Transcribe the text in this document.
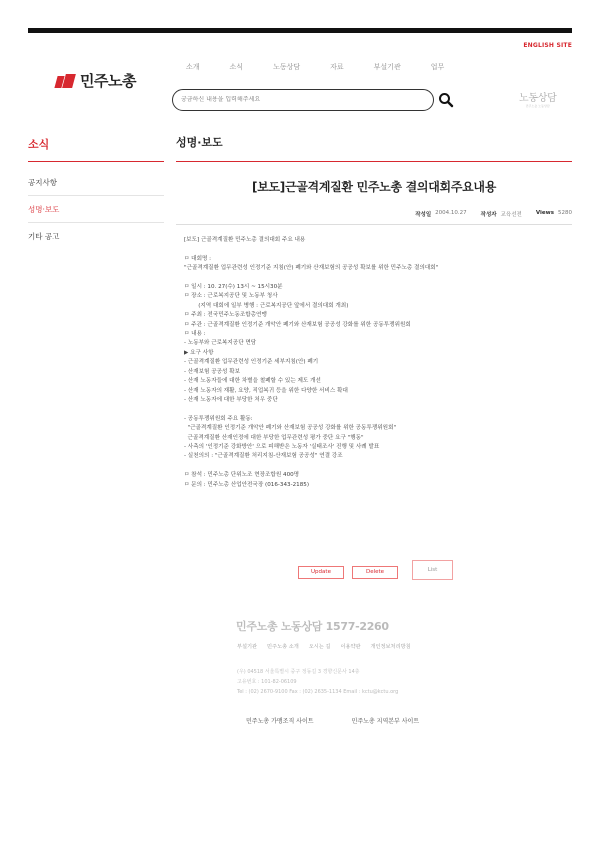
ENGLISH SITE
민주노총
소개	소식	노동상담	자료	부설기관	업무
궁금하신 내용을 입력해주세요
노동상담
민주노총 노동상담
소식
공지사항
성명·보도
기타 공고
성명·보도
[보도]근골격계질환 민주노총 결의대회주요내용
작성일 2004.10.27	작성자 교육선전	Views 5280

[보도] 근골격계질환 민주노총 결의대회 주요 내용

ㅁ 대회명 :

"근골격계질환 업무관련성 인정기준 지침(안) 폐기와 산재보험의 공공성 확보를 위한 민주노총 결의대회"

ㅁ 일시 : 10. 27(수) 13시 ~ 15시30분

ㅁ 장소 : 근로복지공단 및 노동부 청사

(지역 대회에 일부 병행 : 근로복지공단 앞에서 결의대회 개최)

ㅁ 주최 : 전국민주노동조합총연맹

ㅁ 주관 : 근골격계질환 인정기준 개악안 폐기와 산재보험 공공성 강화를 위한 공동투쟁위원회

ㅁ 내용 :

- 노동부와 근로복지공단 면담

▶ 요구 사항

- 근골격계질환 업무관련성 인정기준 세부지침(안) 폐기

- 산재보험 공공성 확보

- 산재 노동자들에 대한 차별을 철폐할 수 있는 제도 개선

- 산재 노동자의 재활, 요양, 직업복귀 등을 위한 다양한 서비스 확대

- 산재 노동자에 대한 부당한 처우 중단

- 공동투쟁위원회 주요 활동:

"근골격계질환 인정기준 개악안 폐기와 산재보험 공공성 강화를 위한 공동투쟁위원회"

근골격계질환 산재인정에 대한 부당한 업무관련성 평가 중단 요구 "행동"

- 사측의 '인정기준 강화방안' 으로 피해받은 노동자 '실태조사' 진행 및 사례 발표

- 실천의의 : "근골격계질환 처리지침-산재보험 공공성" 연결 강조

ㅁ 참석 : 민주노총 단위노조 현장조합원 400명

ㅁ 문의 : 민주노총 산업안전국장 (016-343-2185)

Update	Delete	List
민주노총 노동상담 1577-2260
부설기관 민주노총 소개 오시는 길 이용약관 개인정보처리방침
(우) 04518 서울특별시 중구 정동길 3 경향신문사 14층
고유번호 : 101-82-06109
Tel : (02) 2670-9100 Fax : (02) 2635-1134 Email : kctu@kctu.org
민주노총 가맹조직 사이트	민주노총 지역본부 사이트
